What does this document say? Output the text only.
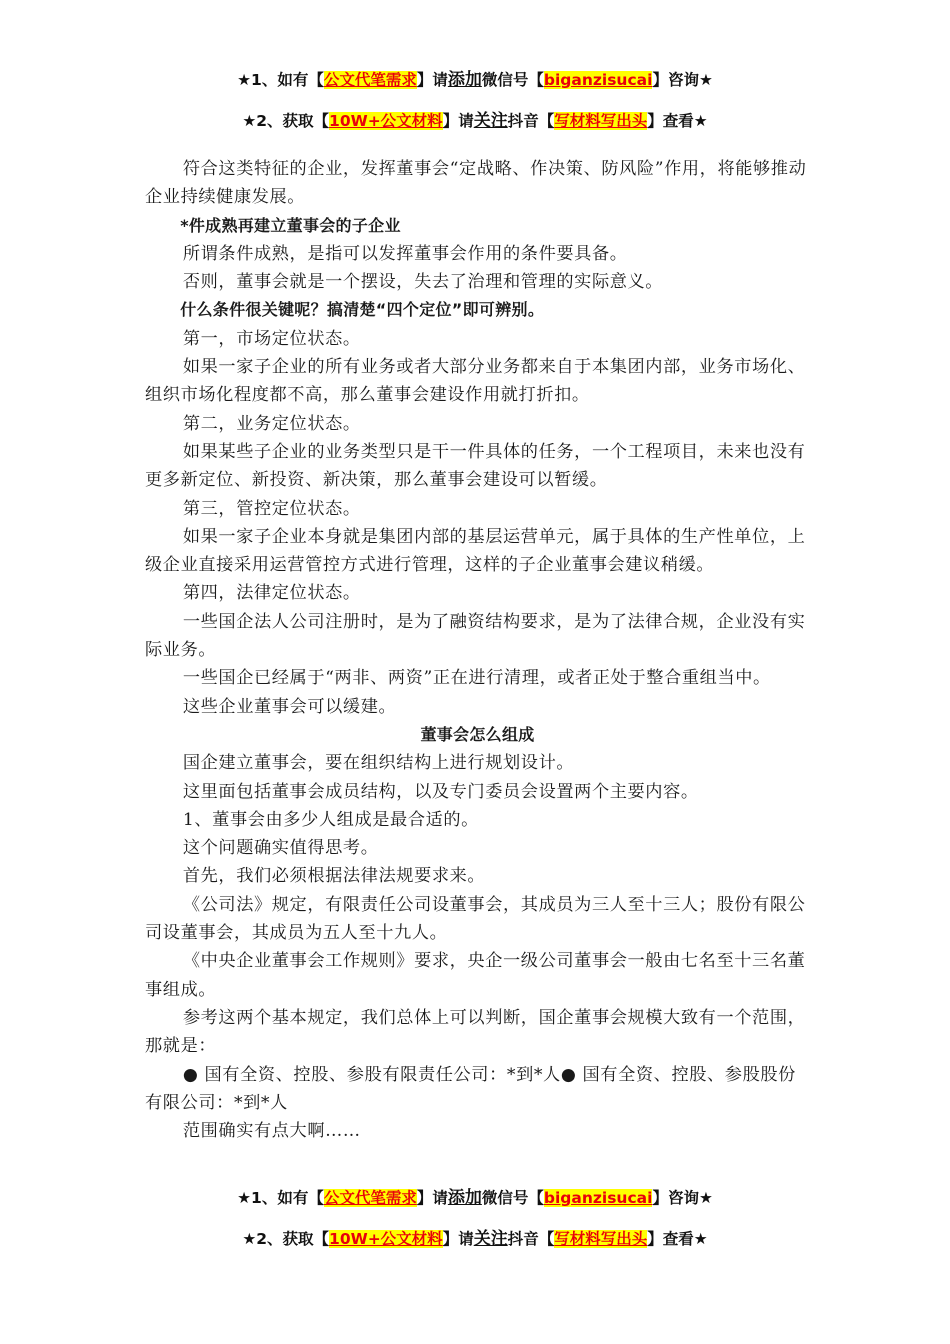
★1、如有【公文代笔需求】请添加微信号【biganzisucai】咨询★
★2、获取【10W+公文材料】请关注抖音【写材料写出头】查看★

符合这类特征的企业，发挥董事会“定战略、作决策、防风险”作用，将能够推动企业持续健康发展。

*件成熟再建立董事会的子企业

所谓条件成熟，是指可以发挥董事会作用的条件要具备。

否则，董事会就是一个摆设，失去了治理和管理的实际意义。

什么条件很关键呢？搞清楚“四个定位”即可辨别。

第一，市场定位状态。

如果一家子企业的所有业务或者大部分业务都来自于本集团内部，业务市场化、组织市场化程度都不高，那么董事会建设作用就打折扣。

第二，业务定位状态。

如果某些子企业的业务类型只是干一件具体的任务，一个工程项目，未来也没有更多新定位、新投资、新决策，那么董事会建设可以暂缓。

第三，管控定位状态。

如果一家子企业本身就是集团内部的基层运营单元，属于具体的生产性单位，上级企业直接采用运营管控方式进行管理，这样的子企业董事会建议稍缓。

第四，法律定位状态。

一些国企法人公司注册时，是为了融资结构要求，是为了法律合规，企业没有实际业务。

一些国企已经属于“两非、两资”正在进行清理，或者正处于整合重组当中。

这些企业董事会可以缓建。

董事会怎么组成

国企建立董事会，要在组织结构上进行规划设计。

这里面包括董事会成员结构，以及专门委员会设置两个主要内容。

1、董事会由多少人组成是最合适的。

这个问题确实值得思考。

首先，我们必须根据法律法规要求来。

《公司法》规定，有限责任公司设董事会，其成员为三人至十三人；股份有限公司设董事会，其成员为五人至十九人。

《中央企业董事会工作规则》要求，央企一级公司董事会一般由七名至十三名董事组成。

参考这两个基本规定，我们总体上可以判断，国企董事会规模大致有一个范围，那就是：

● 国有全资、控股、参股有限责任公司：*到*人● 国有全资、控股、参股股份有限公司：*到*人

范围确实有点大啊……

★1、如有【公文代笔需求】请添加微信号【biganzisucai】咨询★
★2、获取【10W+公文材料】请关注抖音【写材料写出头】查看★
